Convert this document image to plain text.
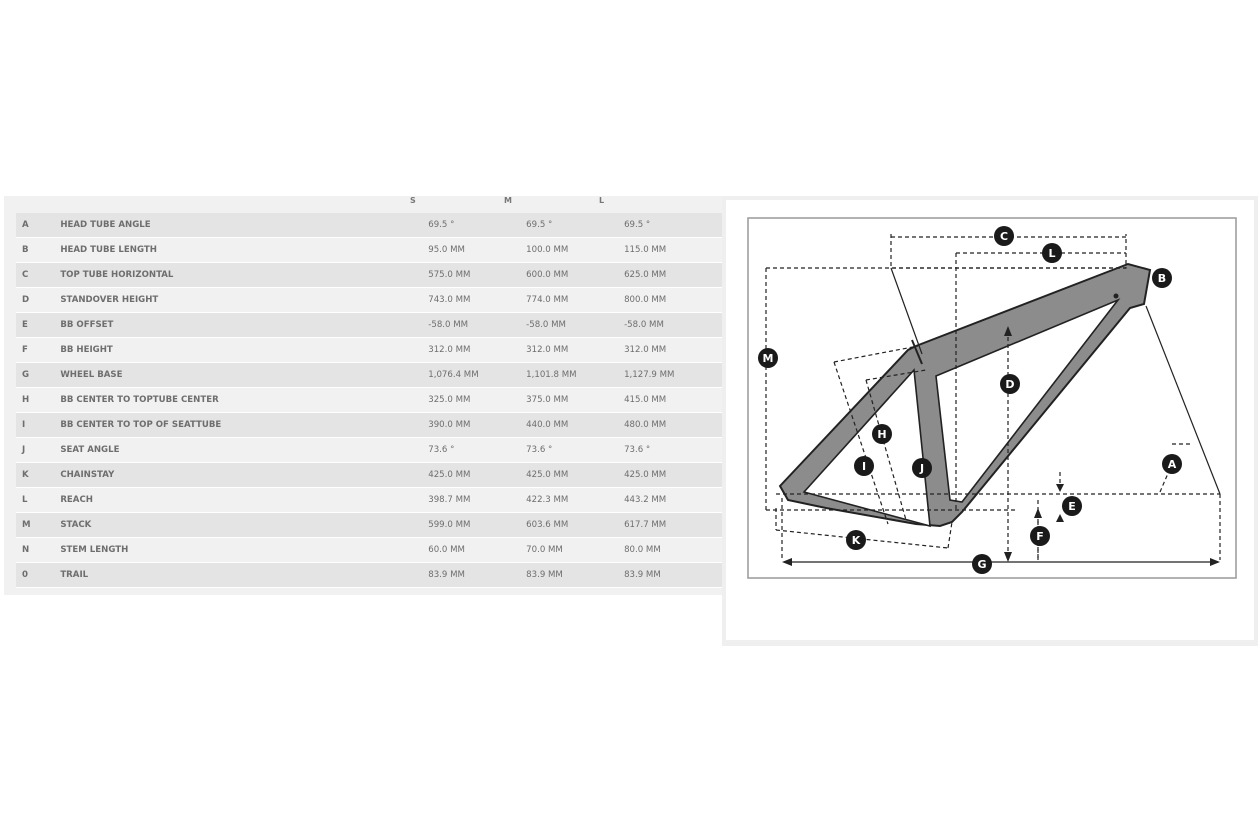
S	M	L
A	HEAD TUBE ANGLE	69.5 °	69.5 °	69.5 °
B	HEAD TUBE LENGTH	95.0 MM	100.0 MM	115.0 MM
C	TOP TUBE HORIZONTAL	575.0 MM	600.0 MM	625.0 MM
D	STANDOVER HEIGHT	743.0 MM	774.0 MM	800.0 MM
E	BB OFFSET	-58.0 MM	-58.0 MM	-58.0 MM
F	BB HEIGHT	312.0 MM	312.0 MM	312.0 MM
G	WHEEL BASE	1,076.4 MM	1,101.8 MM	1,127.9 MM
H	BB CENTER TO TOPTUBE CENTER	325.0 MM	375.0 MM	415.0 MM
I	BB CENTER TO TOP OF SEATTUBE	390.0 MM	440.0 MM	480.0 MM
J	SEAT ANGLE	73.6 °	73.6 °	73.6 °
K	CHAINSTAY	425.0 MM	425.0 MM	425.0 MM
L	REACH	398.7 MM	422.3 MM	443.2 MM
M	STACK	599.0 MM	603.6 MM	617.7 MM
N	STEM LENGTH	60.0 MM	70.0 MM	80.0 MM
0	TRAIL	83.9 MM	83.9 MM	83.9 MM
A
B
C
D
E
F
G
H
I	J
K
L
M
